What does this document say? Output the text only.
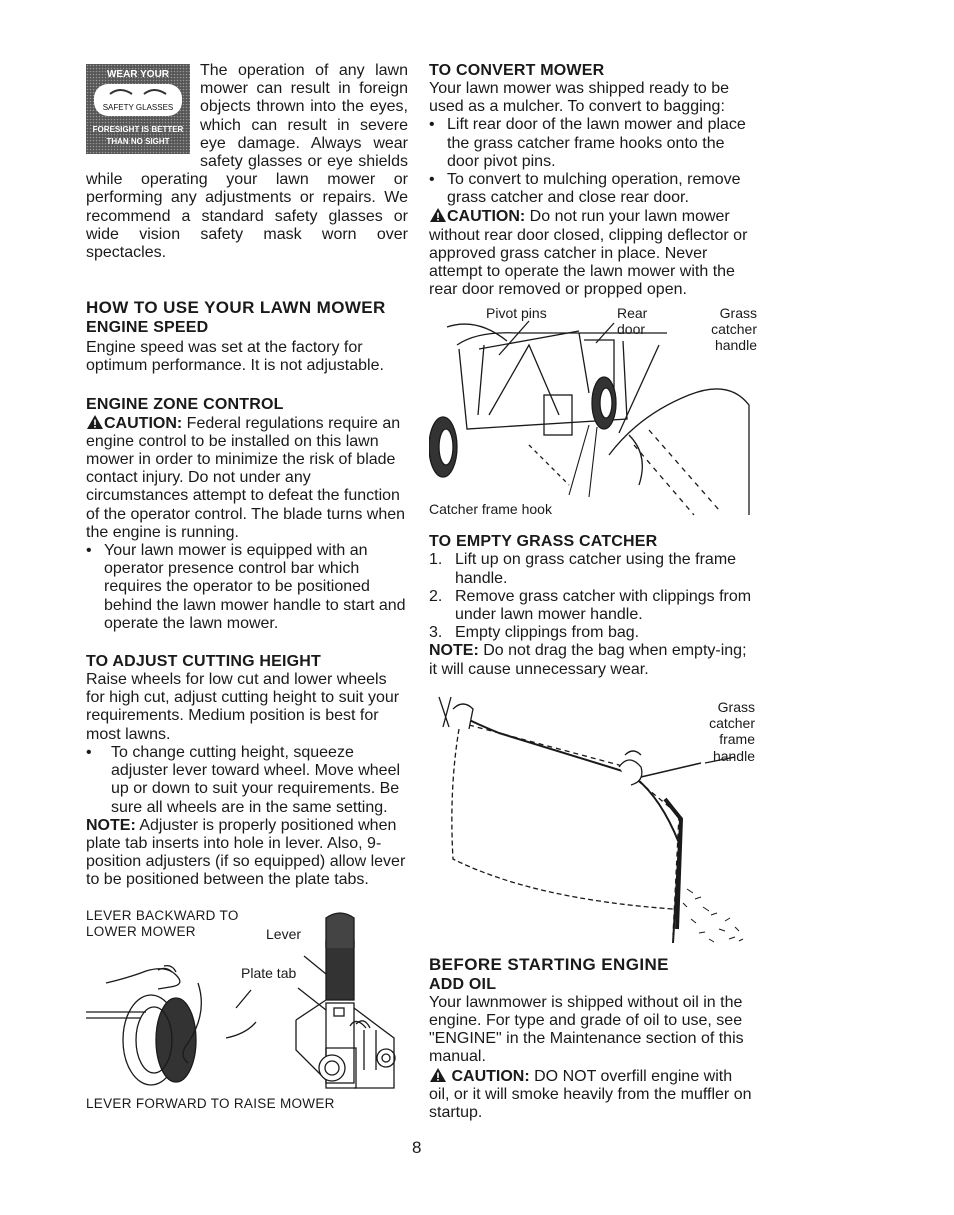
WEAR YOUR
SAFETY GLASSES
FORESIGHT IS BETTER
THAN NO SIGHT
The operation of any lawn mower can result in foreign objects thrown into the eyes, which can result in severe eye damage. Always wear safety glasses or eye shields while operating your lawn mower or performing any adjustments or repairs. We recommend a standard safety glasses or wide vision safety mask worn over spectacles.
HOW TO USE YOUR LAWN MOWER
ENGINE SPEED

Engine speed was set at the factory for optimum performance. It is not adjustable.

ENGINE ZONE CONTROL

CAUTION: Federal regulations require an engine control to be installed on this lawn mower in order to minimize the risk of blade contact injury. Do not under any circumstances attempt to defeat the function of the operator control. The blade turns when the engine is running.

• Your lawn mower is equipped with an operator presence control bar which requires the operator to be positioned behind the lawn mower handle to start and operate the lawn mower.
TO ADJUST CUTTING HEIGHT

Raise wheels for low cut and lower wheels for high cut, adjust cutting height to suit your requirements. Medium position is best for most lawns.

•	To change cutting height, squeeze adjuster lever toward wheel. Move wheel up or down to suit your requirements. Be sure all wheels are in the same setting.

NOTE: Adjuster is properly positioned when plate tab inserts into hole in lever. Also, 9-position adjusters (if so equipped) allow lever to be positioned between the plate tabs.

LEVER BACKWARD TO LOWER MOWER	Lever
Plate tab
LEVER FORWARD TO RAISE MOWER
TO CONVERT MOWER

Your lawn mower was shipped ready to be used as a mulcher. To convert to bagging:

• Lift rear door of the lawn mower and place the grass catcher frame hooks onto the door pivot pins.
• To convert to mulching operation, remove grass catcher and close rear door.

CAUTION: Do not run your lawn mower without rear door closed, clipping deflector or approved grass catcher in place. Never attempt to operate the lawn mower with the rear door removed or propped open.

Pivot pins	Rear door
Grass catcher handle
Catcher frame hook
TO EMPTY GRASS CATCHER
1. Lift up on grass catcher using the frame handle.
2. Remove grass catcher with clippings from under lawn mower handle.
3. Empty clippings from bag.

NOTE: Do not drag the bag when empty-ing; it will cause unnecessary wear.

Grass catcher frame handle
BEFORE STARTING ENGINE
ADD OIL

Your lawnmower is shipped without oil in the engine. For type and grade of oil to use, see "ENGINE" in the Maintenance section of this manual.

CAUTION: DO NOT overfill engine with oil, or it will smoke heavily from the muffler on startup.

8
